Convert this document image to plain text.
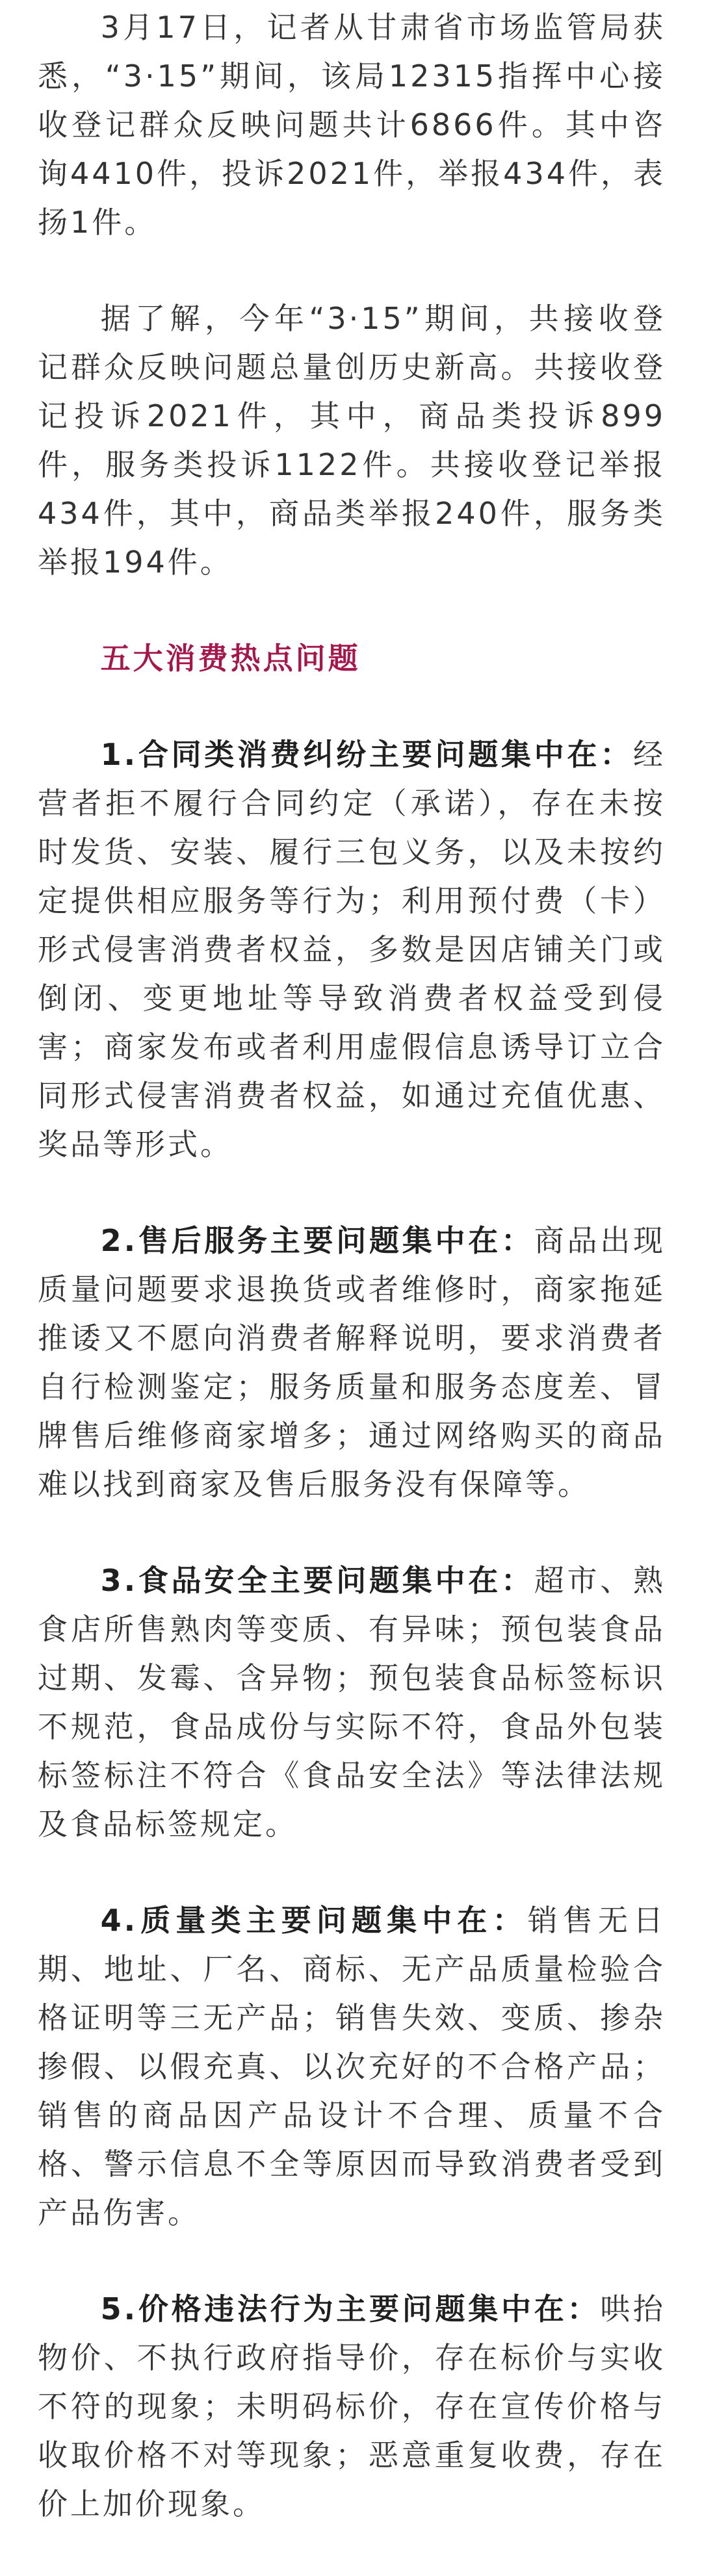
3月17日，记者从甘肃省市场监管局获悉，“3·15”期间，该局12315指挥中心接收登记群众反映问题共计6866件。其中咨询4410件，投诉2021件，举报434件，表扬1件。

据了解，今年“3·15”期间，共接收登记群众反映问题总量创历史新高。共接收登记投诉2021件，其中，商品类投诉899件，服务类投诉1122件。共接收登记举报434件，其中，商品类举报240件，服务类举报194件。

五大消费热点问题

1.合同类消费纠纷主要问题集中在：经营者拒不履行合同约定（承诺），存在未按时发货、安装、履行三包义务，以及未按约定提供相应服务等行为；利用预付费（卡）形式侵害消费者权益，多数是因店铺关门或倒闭、变更地址等导致消费者权益受到侵害；商家发布或者利用虚假信息诱导订立合同形式侵害消费者权益，如通过充值优惠、奖品等形式。

2.售后服务主要问题集中在：商品出现质量问题要求退换货或者维修时，商家拖延推诿又不愿向消费者解释说明，要求消费者自行检测鉴定；服务质量和服务态度差、冒牌售后维修商家增多；通过网络购买的商品难以找到商家及售后服务没有保障等。

3.食品安全主要问题集中在：超市、熟食店所售熟肉等变质、有异味；预包装食品过期、发霉、含异物；预包装食品标签标识不规范，食品成份与实际不符，食品外包装标签标注不符合《食品安全法》等法律法规及食品标签规定。

4.质量类主要问题集中在：销售无日期、地址、厂名、商标、无产品质量检验合格证明等三无产品；销售失效、变质、掺杂掺假、以假充真、以次充好的不合格产品；销售的商品因产品设计不合理、质量不合格、警示信息不全等原因而导致消费者受到产品伤害。

5.价格违法行为主要问题集中在：哄抬物价、不执行政府指导价，存在标价与实收不符的现象；未明码标价，存在宣传价格与收取价格不对等现象；恶意重复收费，存在价上加价现象。
